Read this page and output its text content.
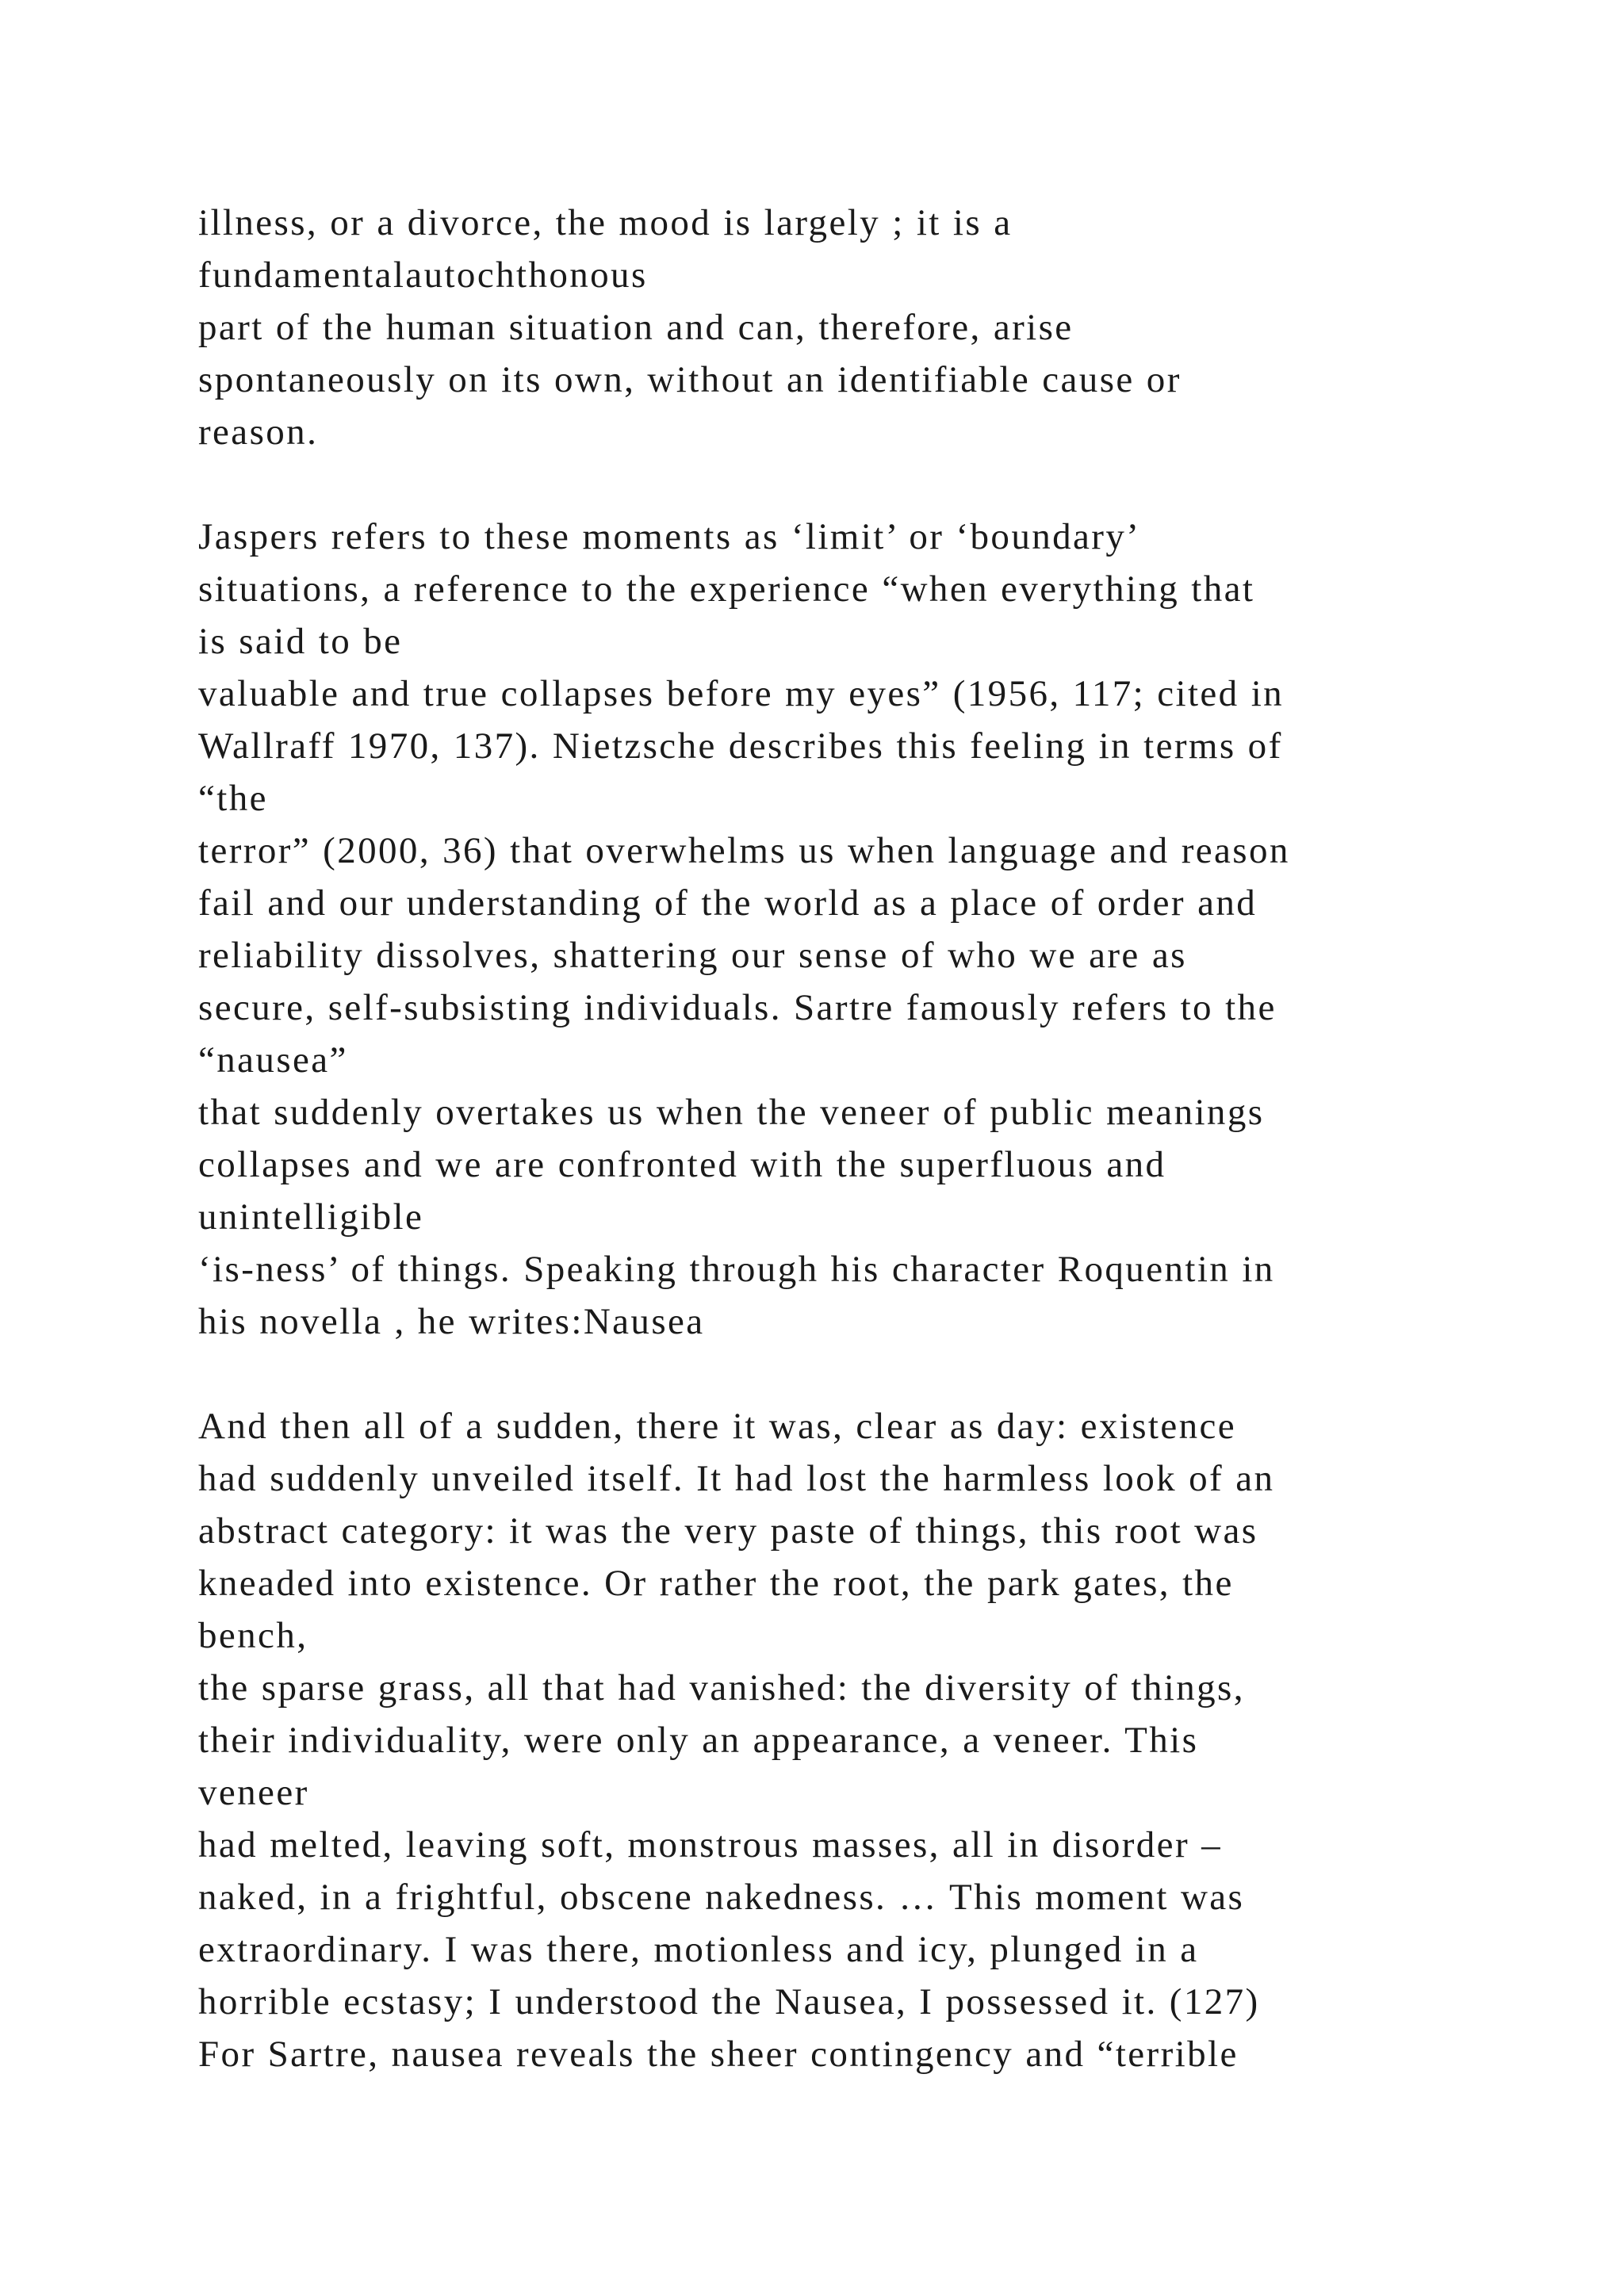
illness, or a divorce, the mood is largely ; it is a
fundamentalautochthonous
part of the human situation and can, therefore, arise
spontaneously on its own, without an identifiable cause or
reason.
Jaspers refers to these moments as ‘limit’ or ‘boundary’
situations, a reference to the experience “when everything that
is said to be
valuable and true collapses before my eyes” (1956, 117; cited in
Wallraff 1970, 137). Nietzsche describes this feeling in terms of
“the
terror” (2000, 36) that overwhelms us when language and reason
fail and our understanding of the world as a place of order and
reliability dissolves, shattering our sense of who we are as
secure, self-subsisting individuals. Sartre famously refers to the
“nausea”
that suddenly overtakes us when the veneer of public meanings
collapses and we are confronted with the superfluous and
unintelligible
‘is-ness’ of things. Speaking through his character Roquentin in
his novella , he writes:Nausea
And then all of a sudden, there it was, clear as day: existence
had suddenly unveiled itself. It had lost the harmless look of an
abstract category: it was the very paste of things, this root was
kneaded into existence. Or rather the root, the park gates, the
bench,
the sparse grass, all that had vanished: the diversity of things,
their individuality, were only an appearance, a veneer. This
veneer
had melted, leaving soft, monstrous masses, all in disorder –
naked, in a frightful, obscene nakedness. … This moment was
extraordinary. I was there, motionless and icy, plunged in a
horrible ecstasy; I understood the Nausea, I possessed it. (127)
For Sartre, nausea reveals the sheer contingency and “terrible
